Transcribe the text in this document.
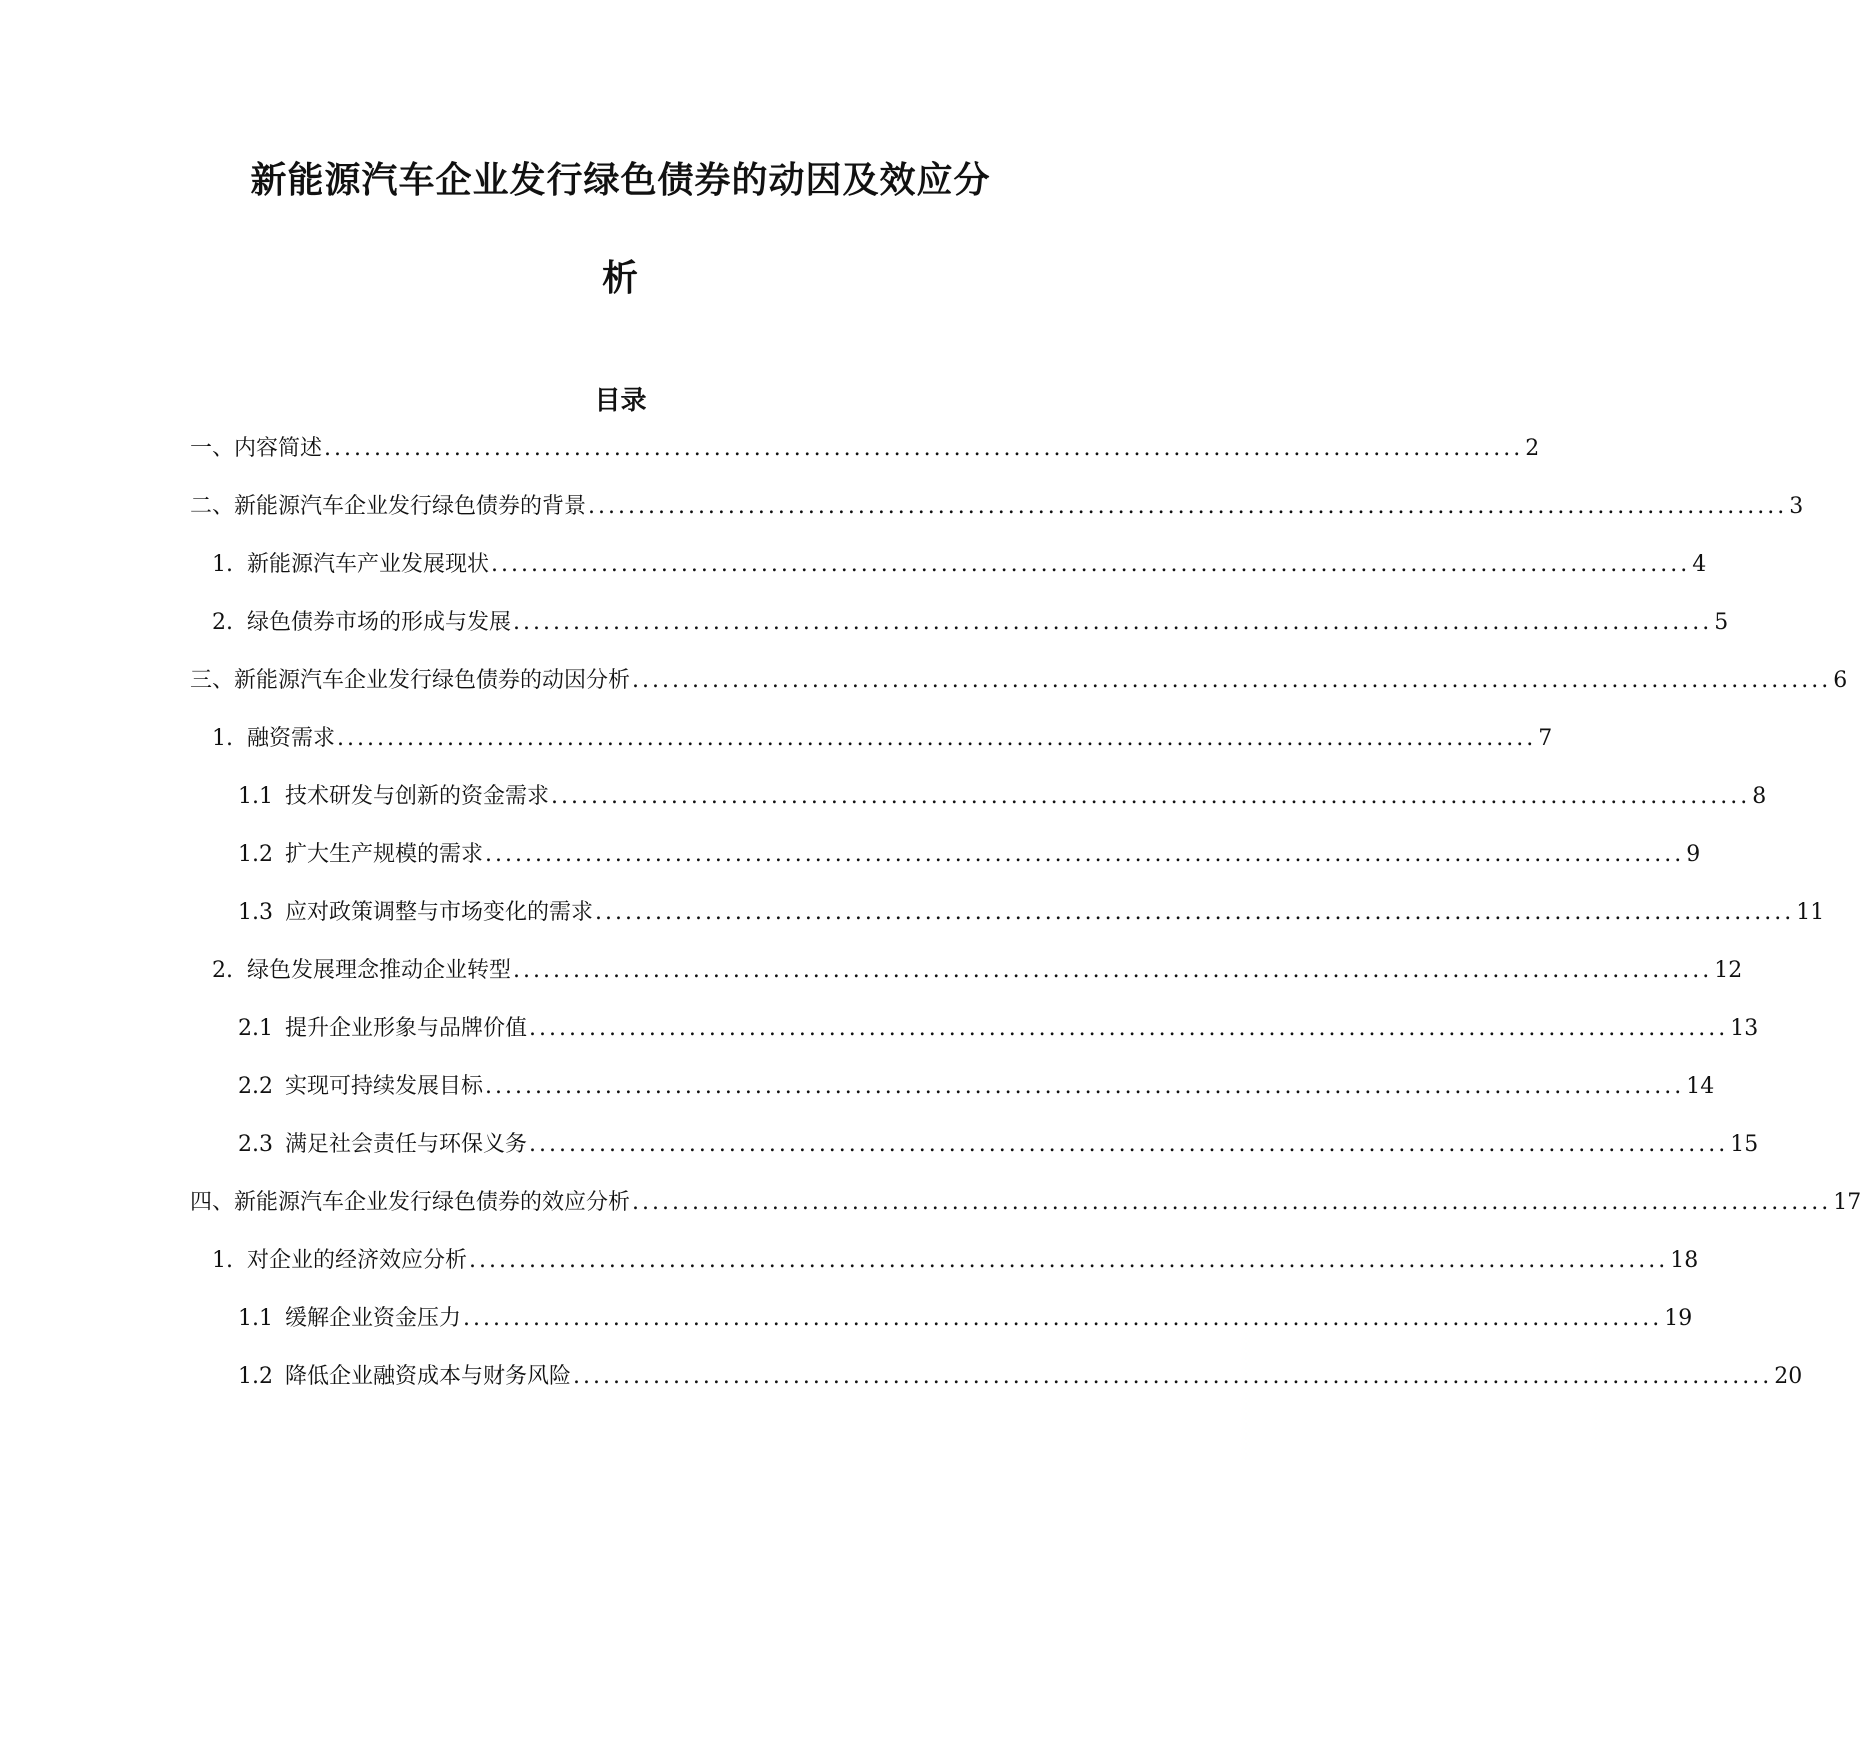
新能源汽车企业发行绿色债券的动因及效应分
析
目录
一、内容简述 ........................................................................................................................ 2
二、新能源汽车企业发行绿色债券的背景 ........................................................................................................................ 3
1. 新能源汽车产业发展现状 ........................................................................................................................ 4
2. 绿色债券市场的形成与发展 ........................................................................................................................ 5
三、新能源汽车企业发行绿色债券的动因分析 ........................................................................................................................ 6
1. 融资需求 ........................................................................................................................ 7
1.1 技术研发与创新的资金需求 ........................................................................................................................ 8
1.2 扩大生产规模的需求 ........................................................................................................................ 9
1.3 应对政策调整与市场变化的需求 ........................................................................................................................ 11
2. 绿色发展理念推动企业转型 ........................................................................................................................ 12
2.1 提升企业形象与品牌价值 ........................................................................................................................ 13
2.2 实现可持续发展目标 ........................................................................................................................ 14
2.3 满足社会责任与环保义务 ........................................................................................................................ 15
四、新能源汽车企业发行绿色债券的效应分析 ........................................................................................................................ 17
1. 对企业的经济效应分析 ........................................................................................................................ 18
1.1 缓解企业资金压力 ........................................................................................................................ 19
1.2 降低企业融资成本与财务风险 ........................................................................................................................ 20
